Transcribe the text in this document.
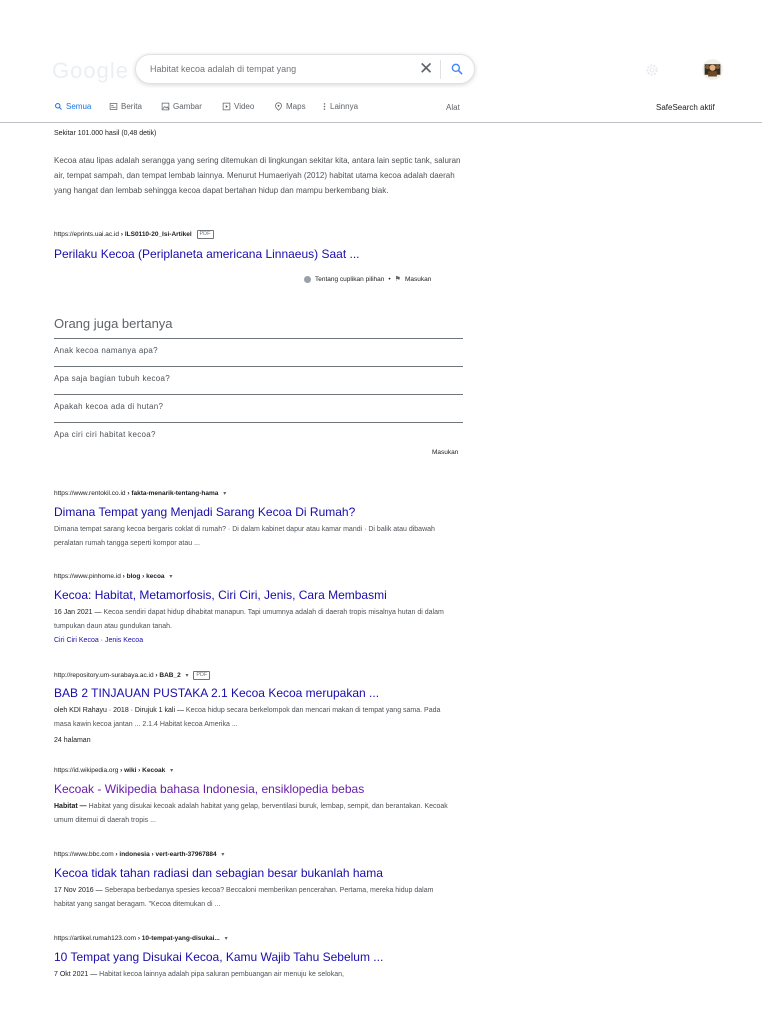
Google
Habitat kecoa adalah di tempat yang	✕
Semua	Berita	Gambar	Video	Maps	Lainnya	Alat	SafeSearch aktif
Sekitar 101.000 hasil (0,48 detik)
Kecoa atau lipas adalah serangga yang sering ditemukan di lingkungan sekitar kita, antara lain septic tank, saluran air, tempat sampah, dan tempat lembab lainnya. Menurut Humaeriyah (2012) habitat utama kecoa adalah daerah yang hangat dan lembab sehingga kecoa dapat bertahan hidup dan mampu berkembang biak.
https://eprints.uai.ac.id › ILS0110-20_Isi-Artikel PDF
Perilaku Kecoa (Periplaneta americana Linnaeus) Saat ...
Tentang cuplikan pilihan • ⚑ Masukan
Orang juga bertanya
Anak kecoa namanya apa?
Apa saja bagian tubuh kecoa?
Apakah kecoa ada di hutan?
Apa ciri ciri habitat kecoa?
Masukan
https://www.rentokil.co.id › fakta-menarik-tentang-hama ▾
Dimana Tempat yang Menjadi Sarang Kecoa Di Rumah?
Dimana tempat sarang kecoa bergaris coklat di rumah? · Di dalam kabinet dapur atau kamar mandi · Di balik atau dibawah peralatan rumah tangga seperti kompor atau ...
https://www.pinhome.id › blog › kecoa ▾
Kecoa: Habitat, Metamorfosis, Ciri Ciri, Jenis, Cara Membasmi
16 Jan 2021 — Kecoa sendiri dapat hidup dihabitat manapun. Tapi umumnya adalah di daerah tropis misalnya hutan di dalam tumpukan daun atau gundukan tanah.
Ciri Ciri Kecoa · Jenis Kecoa
http://repository.um-surabaya.ac.id › BAB_2 ▾ PDF
BAB 2 TINJAUAN PUSTAKA 2.1 Kecoa Kecoa merupakan ...
oleh KDI Rahayu · 2018 · Dirujuk 1 kali — Kecoa hidup secara berkelompok dan mencari makan di tempat yang sama. Pada masa kawin kecoa jantan ... 2.1.4 Habitat kecoa Amerika ...
24 halaman
https://id.wikipedia.org › wiki › Kecoak ▾
Kecoak - Wikipedia bahasa Indonesia, ensiklopedia bebas
Habitat — Habitat yang disukai kecoak adalah habitat yang gelap, berventilasi buruk, lembap, sempit, dan berantakan. Kecoak umum ditemui di daerah tropis ...
https://www.bbc.com › indonesia › vert-earth-37967884 ▾
Kecoa tidak tahan radiasi dan sebagian besar bukanlah hama
17 Nov 2016 — Seberapa berbedanya spesies kecoa? Beccaloni memberikan pencerahan. Pertama, mereka hidup dalam habitat yang sangat beragam. "Kecoa ditemukan di ...
https://artikel.rumah123.com › 10-tempat-yang-disukai... ▾
10 Tempat yang Disukai Kecoa, Kamu Wajib Tahu Sebelum ...
7 Okt 2021 — Habitat kecoa lainnya adalah pipa saluran pembuangan air menuju ke selokan,
